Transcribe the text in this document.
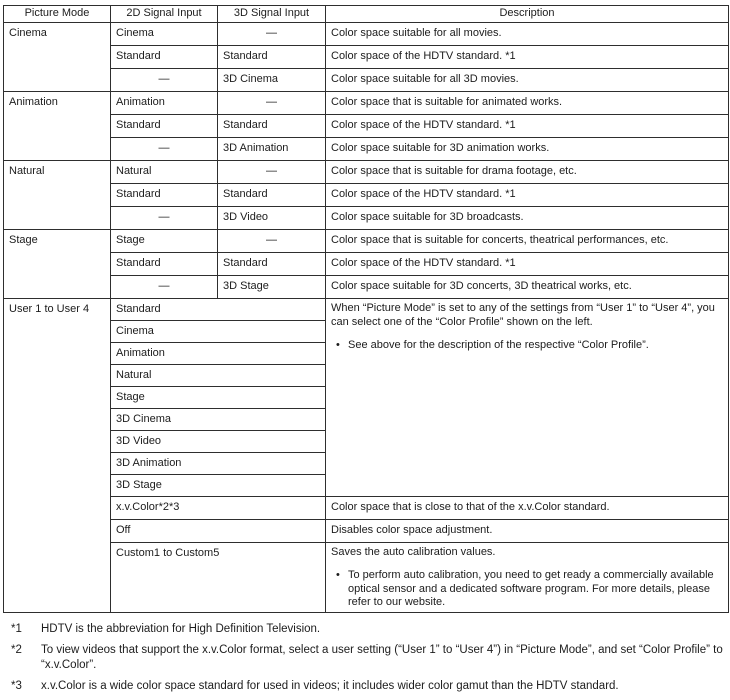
Picture Mode	2D Signal Input	3D Signal Input	Description
Cinema	Cinema	—	Color space suitable for all movies.
	Standard	Standard	Color space of the HDTV standard. *1
	—	3D Cinema	Color space suitable for all 3D movies.
Animation	Animation	—	Color space that is suitable for animated works.
	Standard	Standard	Color space of the HDTV standard. *1
	—	3D Animation	Color space suitable for 3D animation works.
Natural	Natural	—	Color space that is suitable for drama footage, etc.
	Standard	Standard	Color space of the HDTV standard. *1
	—	3D Video	Color space suitable for 3D broadcasts.
Stage	Stage	—	Color space that is suitable for concerts, theatrical performances, etc.
	Standard	Standard	Color space of the HDTV standard. *1
	—	3D Stage	Color space suitable for 3D concerts, 3D theatrical works, etc.
User 1 to User 4	Standard		When “Picture Mode” is set to any of the settings from “User 1” to “User 4”, you can select one of the “Color Profile” shown on the left.

• See above for the description of the respective “Color Profile”.

	Cinema		
	Animation		
	Natural		
	Stage		
	3D Cinema		
	3D Video		
	3D Animation		
	3D Stage		
	x.v.Color*2*3		Color space that is close to that of the x.v.Color standard.
	Off		Disables color space adjustment.
	Custom1 to Custom5		Saves the auto calibration values.

• To perform auto calibration, you need to get ready a commercially available optical sensor and a dedicated software program. For more details, please refer to our website.
*1	HDTV is the abbreviation for High Definition Television.
*2	To view videos that support the x.v.Color format, select a user setting (“User 1” to “User 4”) in “Picture Mode”, and set “Color Profile” to “x.v.Color”.
*3	x.v.Color is a wide color space standard for used in videos; it includes wider color gamut than the HDTV standard.
